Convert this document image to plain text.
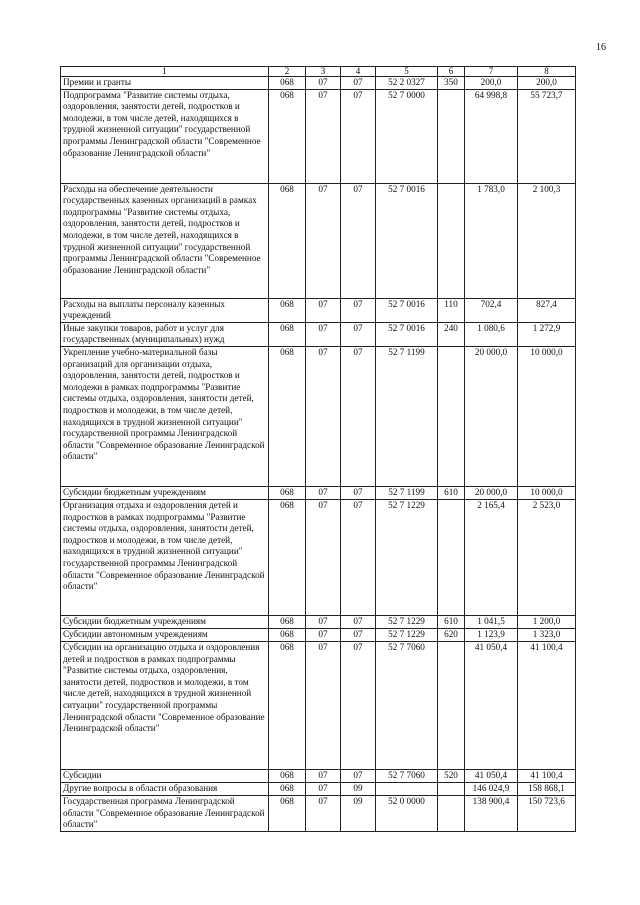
16
1	2	3	4	5	6	7	8
Премии и гранты	068	07	07	52 2 0327	350	200,0	200,0
Подпрограмма "Развитие системы отдыха, оздоровления, занятости детей, подростков и молодежи, в том числе детей, находящихся в трудной жизненной ситуации" государственной программы Ленинградской области "Современное образование Ленинградской области"	068	07	07	52 7 0000		64 998,8	55 723,7
Расходы на обеспечение деятельности государственных казенных организаций в рамках подпрограммы "Развитие системы отдыха, оздоровления, занятости детей, подростков и молодежи, в том числе детей, находящихся в трудной жизненной ситуации" государственной программы Ленинградской области "Современное образование Ленинградской области"	068	07	07	52 7 0016		1 783,0	2 100,3
Расходы на выплаты персоналу казенных учреждений	068	07	07	52 7 0016	110	702,4	827,4
Иные закупки товаров, работ и услуг для государственных (муниципальных) нужд	068	07	07	52 7 0016	240	1 080,6	1 272,9
Укрепление учебно-материальной базы организаций для организации отдыха, оздоровления, занятости детей, подростков и молодежи в рамках подпрограммы "Развитие системы отдыха, оздоровления, занятости детей, подростков и молодежи, в том числе детей, находящихся в трудной жизненной ситуации" государственной программы Ленинградской области "Современное образование Ленинградской области"	068	07	07	52 7 1199		20 000,0	10 000,0
Субсидии бюджетным учреждениям	068	07	07	52 7 1199	610	20 000,0	10 000,0
Организация отдыха и оздоровления детей и подростков в рамках подпрограммы "Развитие системы отдыха, оздоровления, занятости детей, подростков и молодежи, в том числе детей, находящихся в трудной жизненной ситуации" государственной программы Ленинградской области "Современное образование Ленинградской области"	068	07	07	52 7 1229		2 165,4	2 523,0
Субсидии бюджетным учреждениям	068	07	07	52 7 1229	610	1 041,5	1 200,0
Субсидии автономным учреждениям	068	07	07	52 7 1229	620	1 123,9	1 323,0
Субсидии на организацию отдыха и оздоровления детей и подростков в рамках подпрограммы "Развитие системы отдыха, оздоровления, занятости детей, подростков и молодежи, в том числе детей, находящихся в трудной жизненной ситуации" государственной программы Ленинградской области "Современное образование Ленинградской области"	068	07	07	52 7 7060		41 050,4	41 100,4
Субсидии	068	07	07	52 7 7060	520	41 050,4	41 100,4
Другие вопросы в области образования	068	07	09			146 024,9	158 868,1
Государственная программа Ленинградской области "Современное образование Ленинградской области"	068	07	09	52 0 0000		138 900,4	150 723,6
